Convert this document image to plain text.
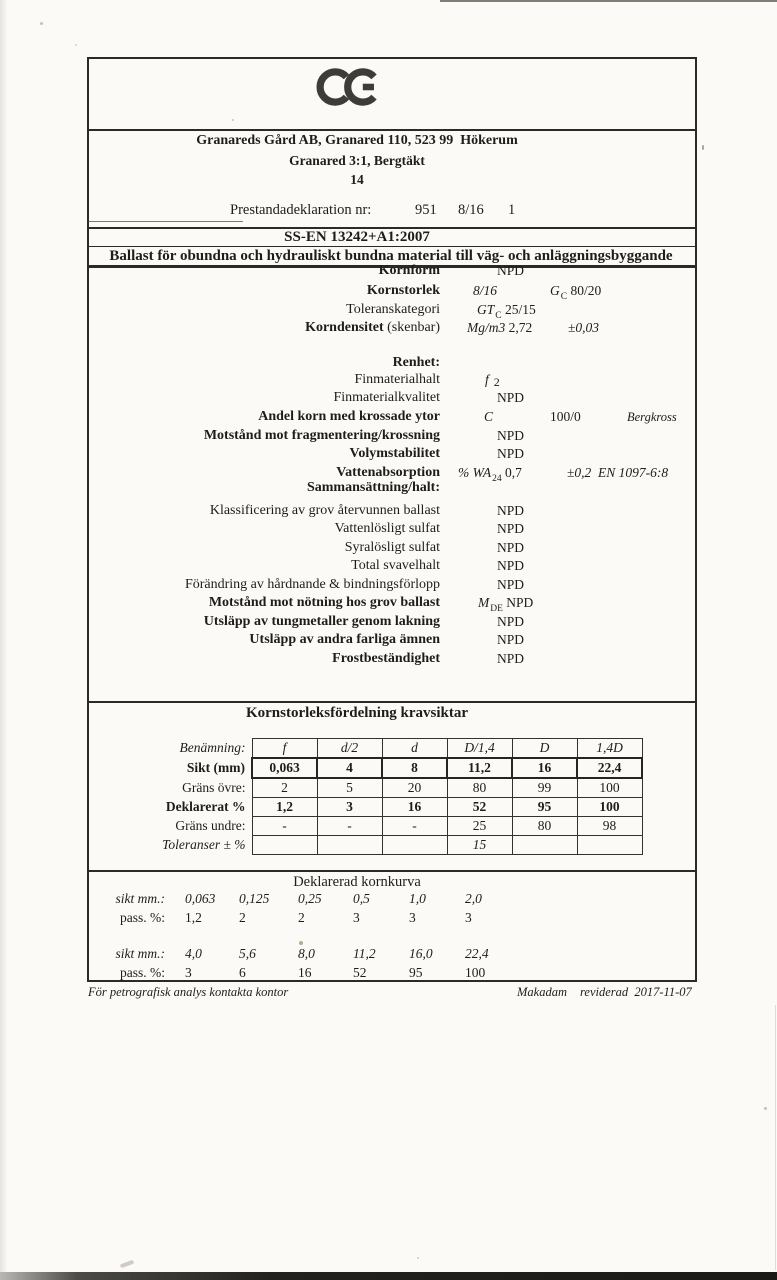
Granareds Gård AB, Granared 110, 523 99  Hökerum
Granared 3:1, Bergtäkt
14
Prestandadeklaration nr:	951 8/16 1
SS-EN 13242+A1:2007
Ballast för obundna och hydrauliskt bundna material till väg- och anläggningsbyggande
Kornform	NPD
Kornstorlek 8/16	$G_C$ 80/20
Toleranskategori	$GT_C$ 25/15
Korndensitet (skenbar) Mg/m3 2,72	±0,03
Renhet:
Finmaterialhalt	f 2
Finmaterialkvalitet	NPD
Andel korn med krossade ytor	C	100/0	Bergkross
Motstånd mot fragmentering/krossning	NPD
Volymstabilitet	NPD
Vattenabsorption % $WA_{24}$ 0,7	±0,2  EN 1097-6:8
Sammansättning/halt:
Klassificering av grov återvunnen ballast	NPD
Vattenlösligt sulfat	NPD
Syralösligt sulfat	NPD
Total svavelhalt	NPD
Förändring av hårdnande & bindningsförlopp	NPD
Motstånd mot nötning hos grov ballast	$M_{DE}$ NPD
Utsläpp av tungmetaller genom lakning	NPD
Utsläpp av andra farliga ämnen	NPD
Frostbeständighet	NPD
Kornstorleksfördelning kravsiktar
Benämning:	f	d/2	d	D/1,4	D	1,4D
Sikt (mm)	0,063	4	8	11,2	16	22,4
Gräns övre:	2	5	20	80	99	100
Deklarerat %	1,2	3	16	52	95	100
Gräns undre:	-	-	-	25	80	98
Toleranser ± %				15		
Deklarerad kornkurva
sikt mm.: 0,063	0,125	0,25	0,5	1,0	2,0
pass. %: 1,2	2	2	3	3	3
sikt mm.: 4,0	5,6	8,0	11,2	16,0	22,4
pass. %: 3	6	16	52	95	100
För petrografisk analys kontakta kontor	Makadam reviderad  2017-11-07
